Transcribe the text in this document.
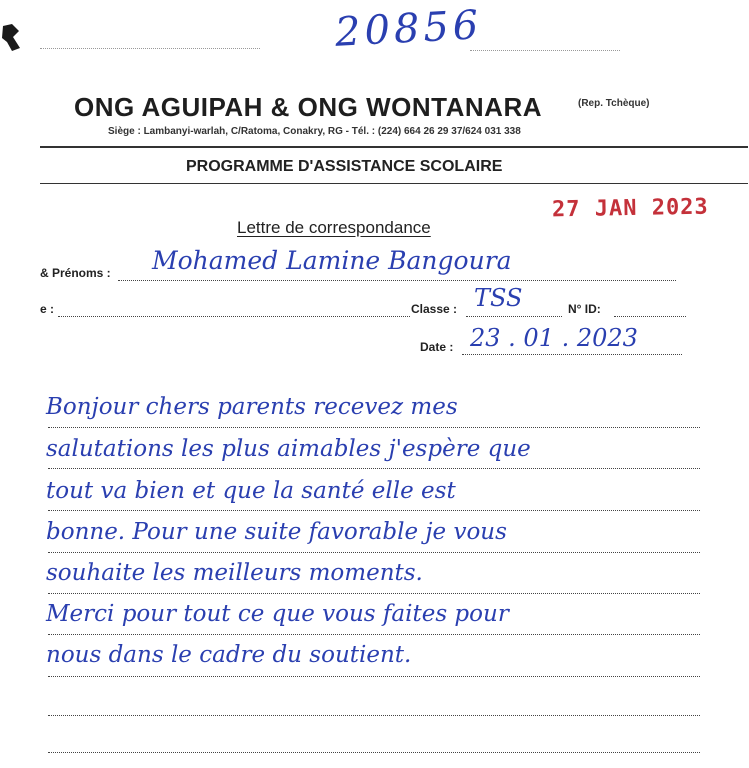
20856
ONG AGUIPAH & ONG WONTANARA	(Rep. Tchèque)
Siège : Lambanyi-warlah, C/Ratoma, Conakry, RG - Tél. : (224) 664 26 29 37/624 031 338
PROGRAMME D'ASSISTANCE SCOLAIRE
Lettre de correspondance
27 JAN 2023
& Prénoms : Mohamed Lamine Bangoura
e :	Classe : TSS	N° ID:
Date : 23 . 01 . 2023
Bonjour chers parents recevez mes
salutations les plus aimables j'espère que
tout va bien et que la santé elle est
bonne. Pour une suite favorable je vous
souhaite les meilleurs moments.
Merci pour tout ce que vous faites pour
nous dans le cadre du soutient.
